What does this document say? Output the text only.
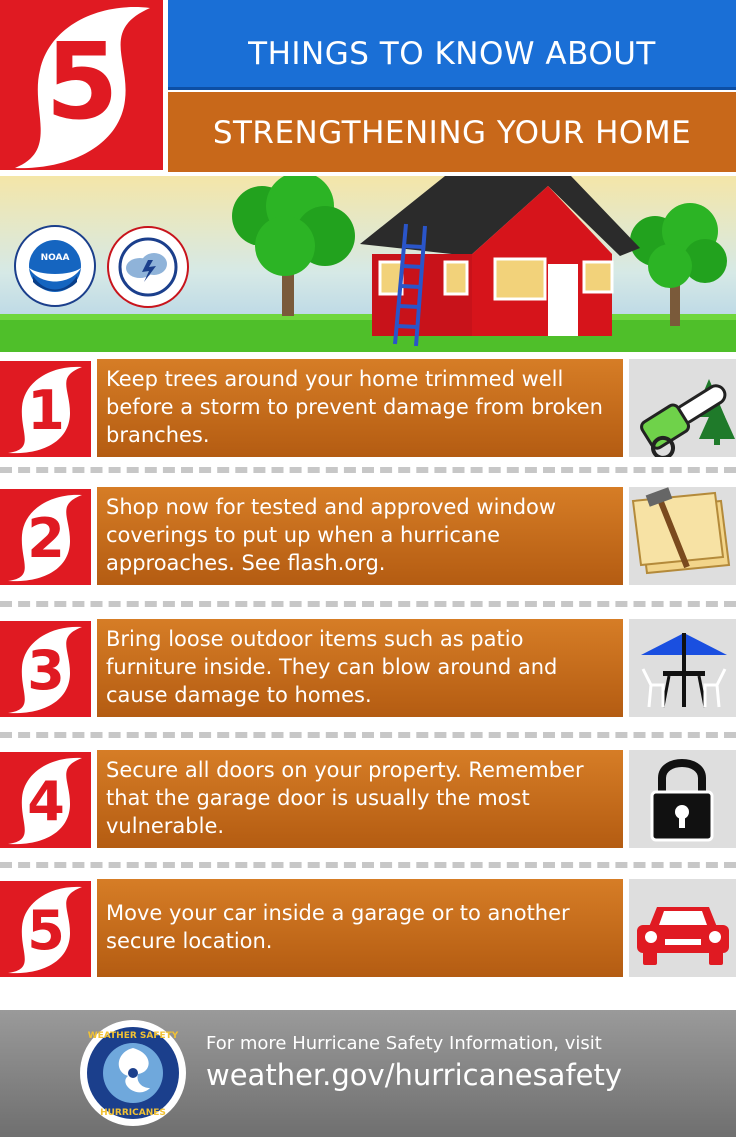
5	THINGS TO KNOW ABOUT
STRENGTHENING YOUR HOME
NOAA
1 Keep trees around your home trimmed well before a storm to prevent damage from broken branches.
2 Shop now for tested and approved window coverings to put up when a hurricane approaches. See flash.org.
3 Bring loose outdoor items such as patio furniture inside. They can blow around and cause damage to homes.
4 Secure all doors on your property. Remember that the garage door is usually the most vulnerable.
5 Move your car inside a garage or to another secure location.
WEATHER SAFETY
HURRICANES
For more Hurricane Safety Information, visit
weather.gov/hurricanesafety
